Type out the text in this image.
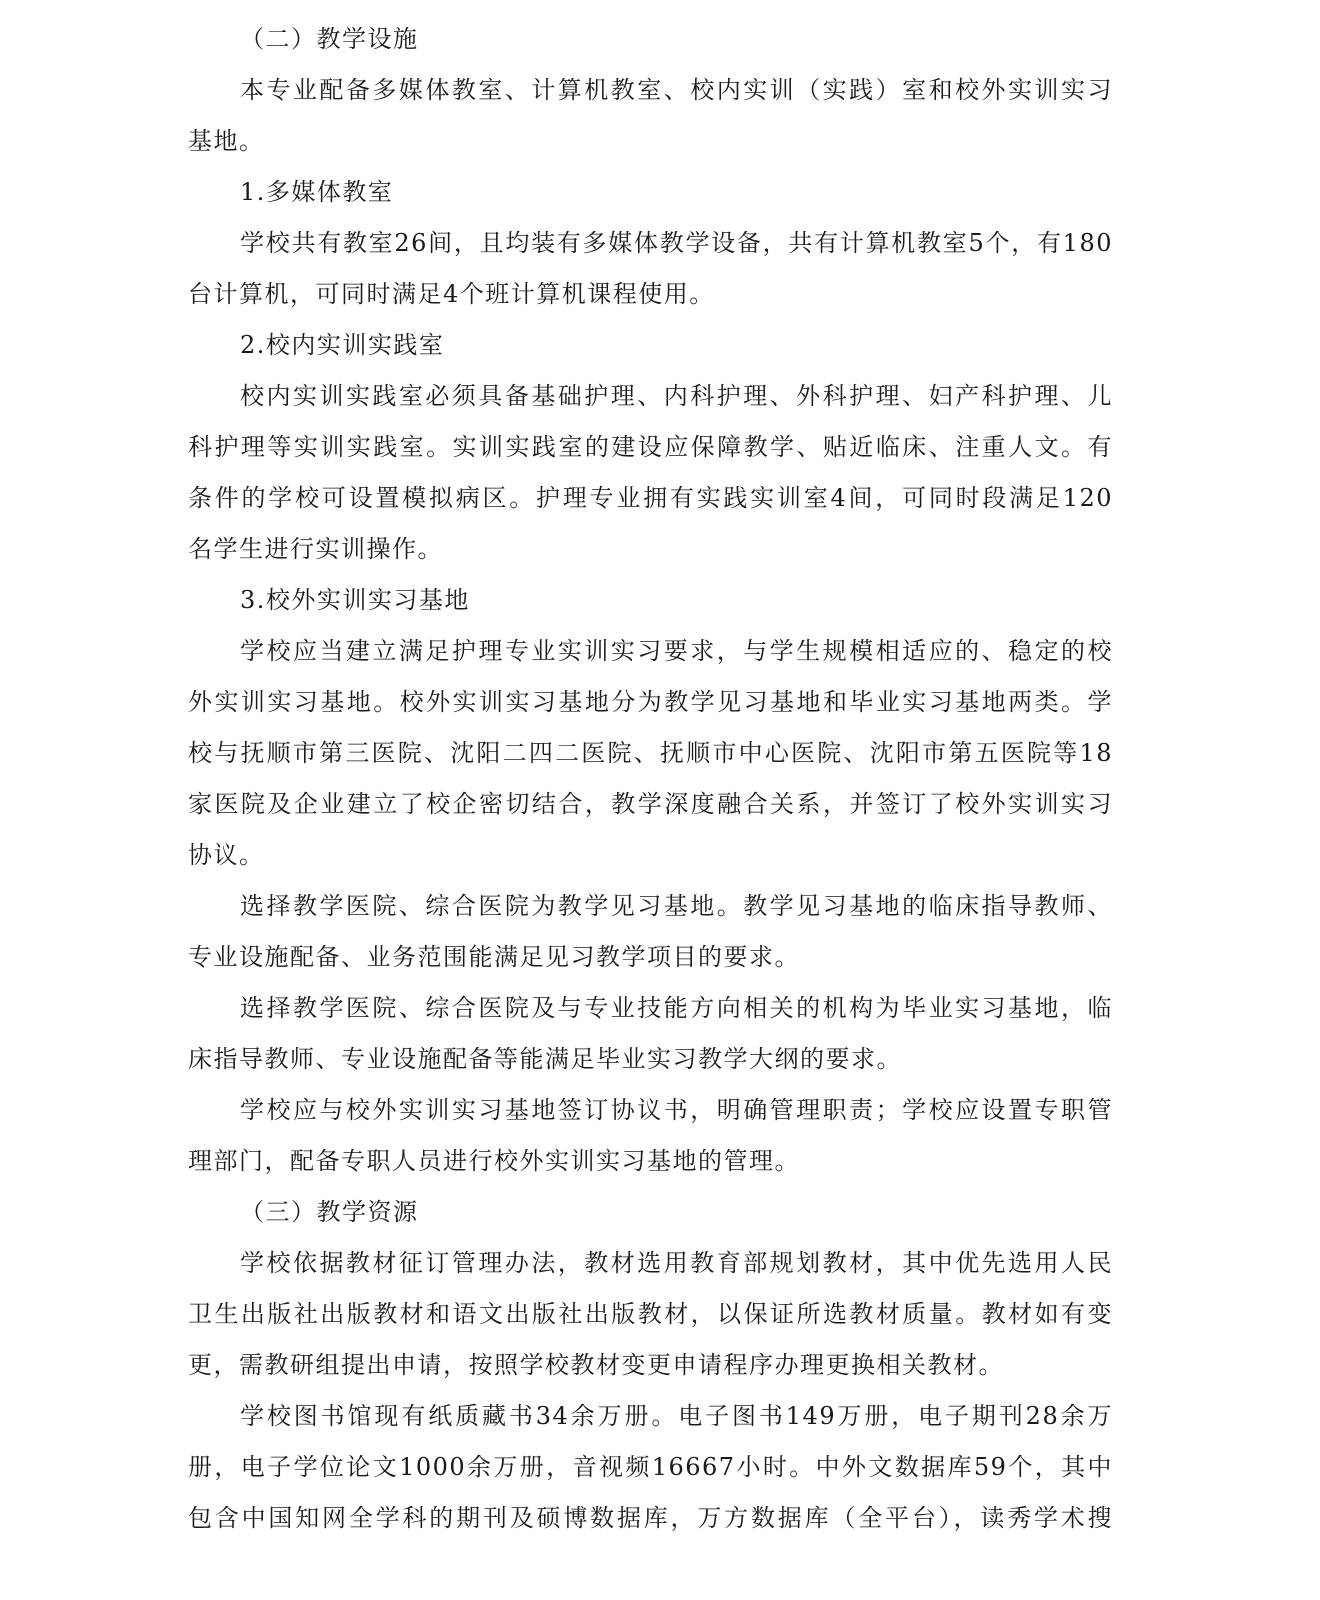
（二）教学设施
本专业配备多媒体教室、计算机教室、校内实训（实践）室和校外实训实习
基地。
1.多媒体教室
学校共有教室26间，且均装有多媒体教学设备，共有计算机教室5个，有180
台计算机，可同时满足4个班计算机课程使用。
2.校内实训实践室
校内实训实践室必须具备基础护理、内科护理、外科护理、妇产科护理、儿
科护理等实训实践室。实训实践室的建设应保障教学、贴近临床、注重人文。有
条件的学校可设置模拟病区。护理专业拥有实践实训室4间，可同时段满足120
名学生进行实训操作。
3.校外实训实习基地
学校应当建立满足护理专业实训实习要求，与学生规模相适应的、稳定的校
外实训实习基地。校外实训实习基地分为教学见习基地和毕业实习基地两类。学
校与抚顺市第三医院、沈阳二四二医院、抚顺市中心医院、沈阳市第五医院等18
家医院及企业建立了校企密切结合，教学深度融合关系，并签订了校外实训实习
协议。
选择教学医院、综合医院为教学见习基地。教学见习基地的临床指导教师、
专业设施配备、业务范围能满足见习教学项目的要求。
选择教学医院、综合医院及与专业技能方向相关的机构为毕业实习基地，临
床指导教师、专业设施配备等能满足毕业实习教学大纲的要求。
学校应与校外实训实习基地签订协议书，明确管理职责；学校应设置专职管
理部门，配备专职人员进行校外实训实习基地的管理。
（三）教学资源
学校依据教材征订管理办法，教材选用教育部规划教材，其中优先选用人民
卫生出版社出版教材和语文出版社出版教材，以保证所选教材质量。教材如有变
更，需教研组提出申请，按照学校教材变更申请程序办理更换相关教材。
学校图书馆现有纸质藏书34余万册。电子图书149万册，电子期刊28余万
册，电子学位论文1000余万册，音视频16667小时。中外文数据库59个，其中
包含中国知网全学科的期刊及硕博数据库，万方数据库（全平台），读秀学术搜
